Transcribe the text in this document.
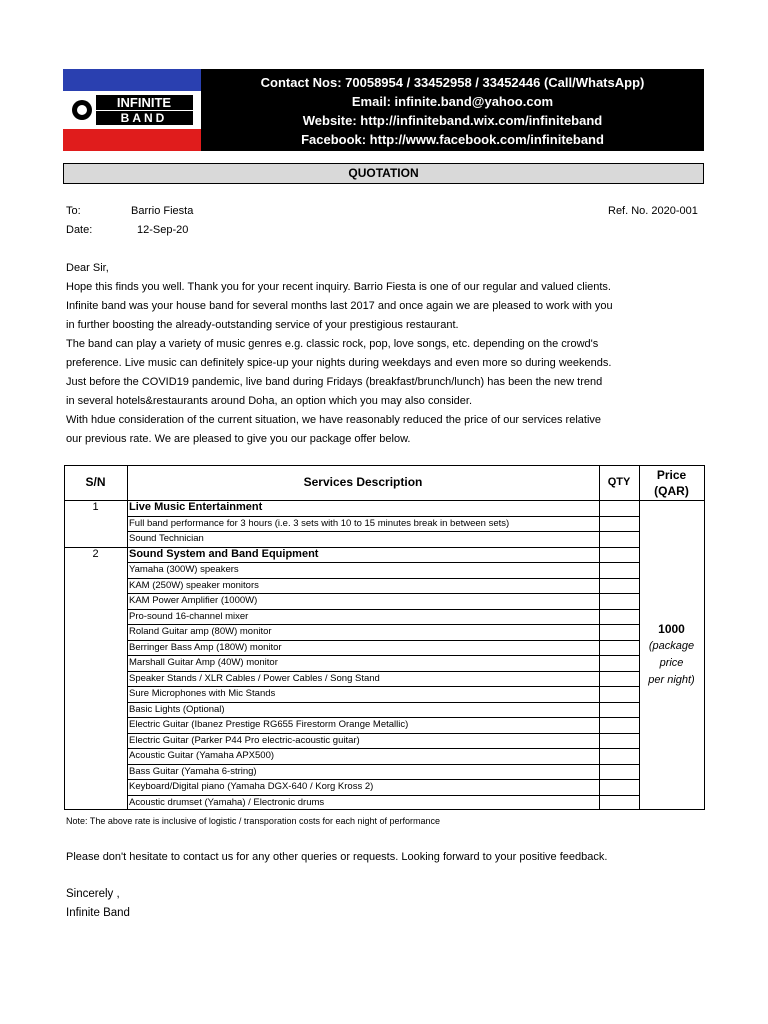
INFINITE
BAND
Contact Nos: 70058954 / 33452958 / 33452446 (Call/WhatsApp)
Email: infinite.band@yahoo.com
Website: http://infiniteband.wix.com/infiniteband
Facebook: http://www.facebook.com/infiniteband
QUOTATION
To:	Barrio Fiesta	Ref. No. 2020-001
Date:	12-Sep-20
Dear Sir,
Hope this finds you well. Thank you for your recent inquiry. Barrio Fiesta is one of our regular and valued clients.
Infinite band was your house band for several months last 2017 and once again we are pleased to work with you
in further boosting the already-outstanding service of your prestigious restaurant.
The band can play a variety of music genres e.g. classic rock, pop, love songs, etc. depending on the crowd's
preference. Live music can definitely spice-up your nights during weekdays and even more so during weekends.
Just before the COVID19 pandemic, live band during Fridays (breakfast/brunch/lunch) has been the new trend
in several hotels&restaurants around Doha, an option which you may also consider.
With hdue consideration of the current situation, we have reasonably reduced the price of our services relative
our previous rate. We are pleased to give you our package offer below.
S/N	Services Description	QTY	Price
(QAR)
1	Live Music Entertainment
Full band performance for 3 hours (i.e. 3 sets with 10 to 15 minutes break in between sets)
Sound Technician
2	Sound System and Band Equipment
Yamaha (300W) speakers
KAM (250W) speaker monitors
KAM Power Amplifier (1000W)
Pro-sound 16-channel mixer
Roland Guitar amp (80W) monitor
Berringer Bass Amp (180W) monitor
Marshall Guitar Amp (40W) monitor
Speaker Stands / XLR Cables / Power Cables / Song Stand
Sure Microphones with Mic Stands
Basic Lights (Optional)
Electric Guitar (Ibanez Prestige RG655 Firestorm Orange Metallic)
Electric Guitar (Parker P44 Pro electric-acoustic guitar)
Acoustic Guitar (Yamaha APX500)
Bass Guitar (Yamaha 6-string)
Keyboard/Digital piano (Yamaha DGX-640 / Korg Kross 2)
Acoustic drumset (Yamaha) / Electronic drums
1000
(package
price
per night)
Note: The above rate is inclusive of logistic / transporation costs for each night of performance
Please don't hesitate to contact us for any other queries or requests. Looking forward to your positive feedback.
Sincerely ,
Infinite Band
